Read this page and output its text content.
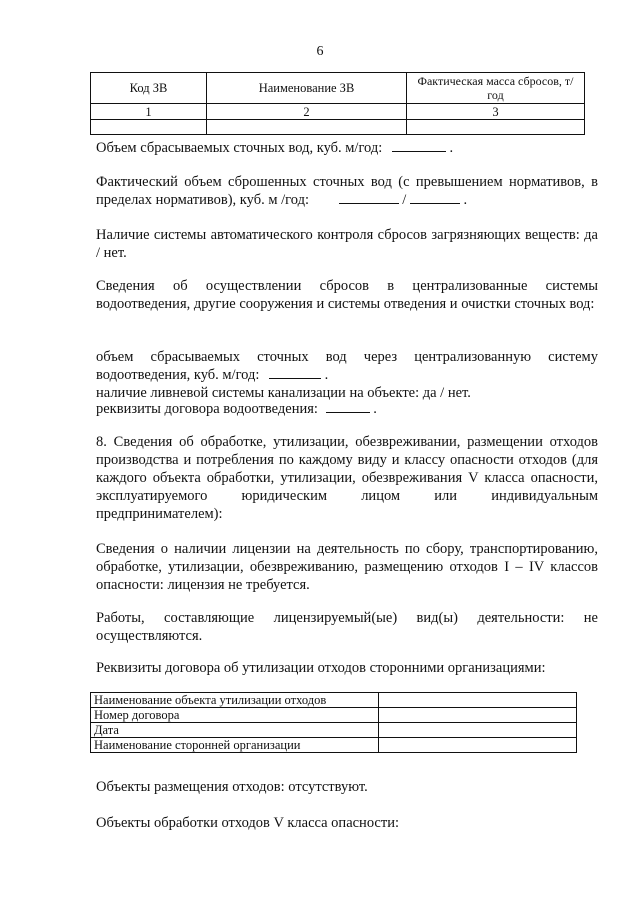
6
Код ЗВ	Наименование ЗВ	Фактическая масса сбросов, т/год
1	2	3

Объем сбрасываемых сточных вод, куб. м/год:	.

Фактический объем сброшенных сточных вод (с превышением нормативов, в пределах нормативов), куб. м /год:	/	.

Наличие системы автоматического контроля сбросов загрязняющих веществ: да / нет.

Сведения об осуществлении сбросов в централизованные системы водоотведения, другие сооружения и системы отведения и очистки сточных вод:

объем сбрасываемых сточных вод через централизованную систему водоотведения, куб. м/год:	.

наличие ливневой системы канализации на объекте: да / нет.

реквизиты договора водоотведения:	.

8. Сведения об обработке, утилизации, обезвреживании, размещении отходов производства и потребления по каждому виду и классу опасности отходов (для каждого объекта обработки, утилизации, обезвреживания V класса опасности, эксплуатируемого юридическим лицом или индивидуальным предпринимателем):

Сведения о наличии лицензии на деятельность по сбору, транспортированию, обработке, утилизации, обезвреживанию, размещению отходов I – IV классов опасности: лицензия не требуется.

Работы, составляющие лицензируемый(ые) вид(ы) деятельности: не осуществляются.

Реквизиты договора об утилизации отходов сторонними организациями:

Наименование объекта утилизации отходов	
Номер договора	
Дата	
Наименование сторонней организации	

Объекты размещения отходов: отсутствуют.

Объекты обработки отходов V класса опасности:
